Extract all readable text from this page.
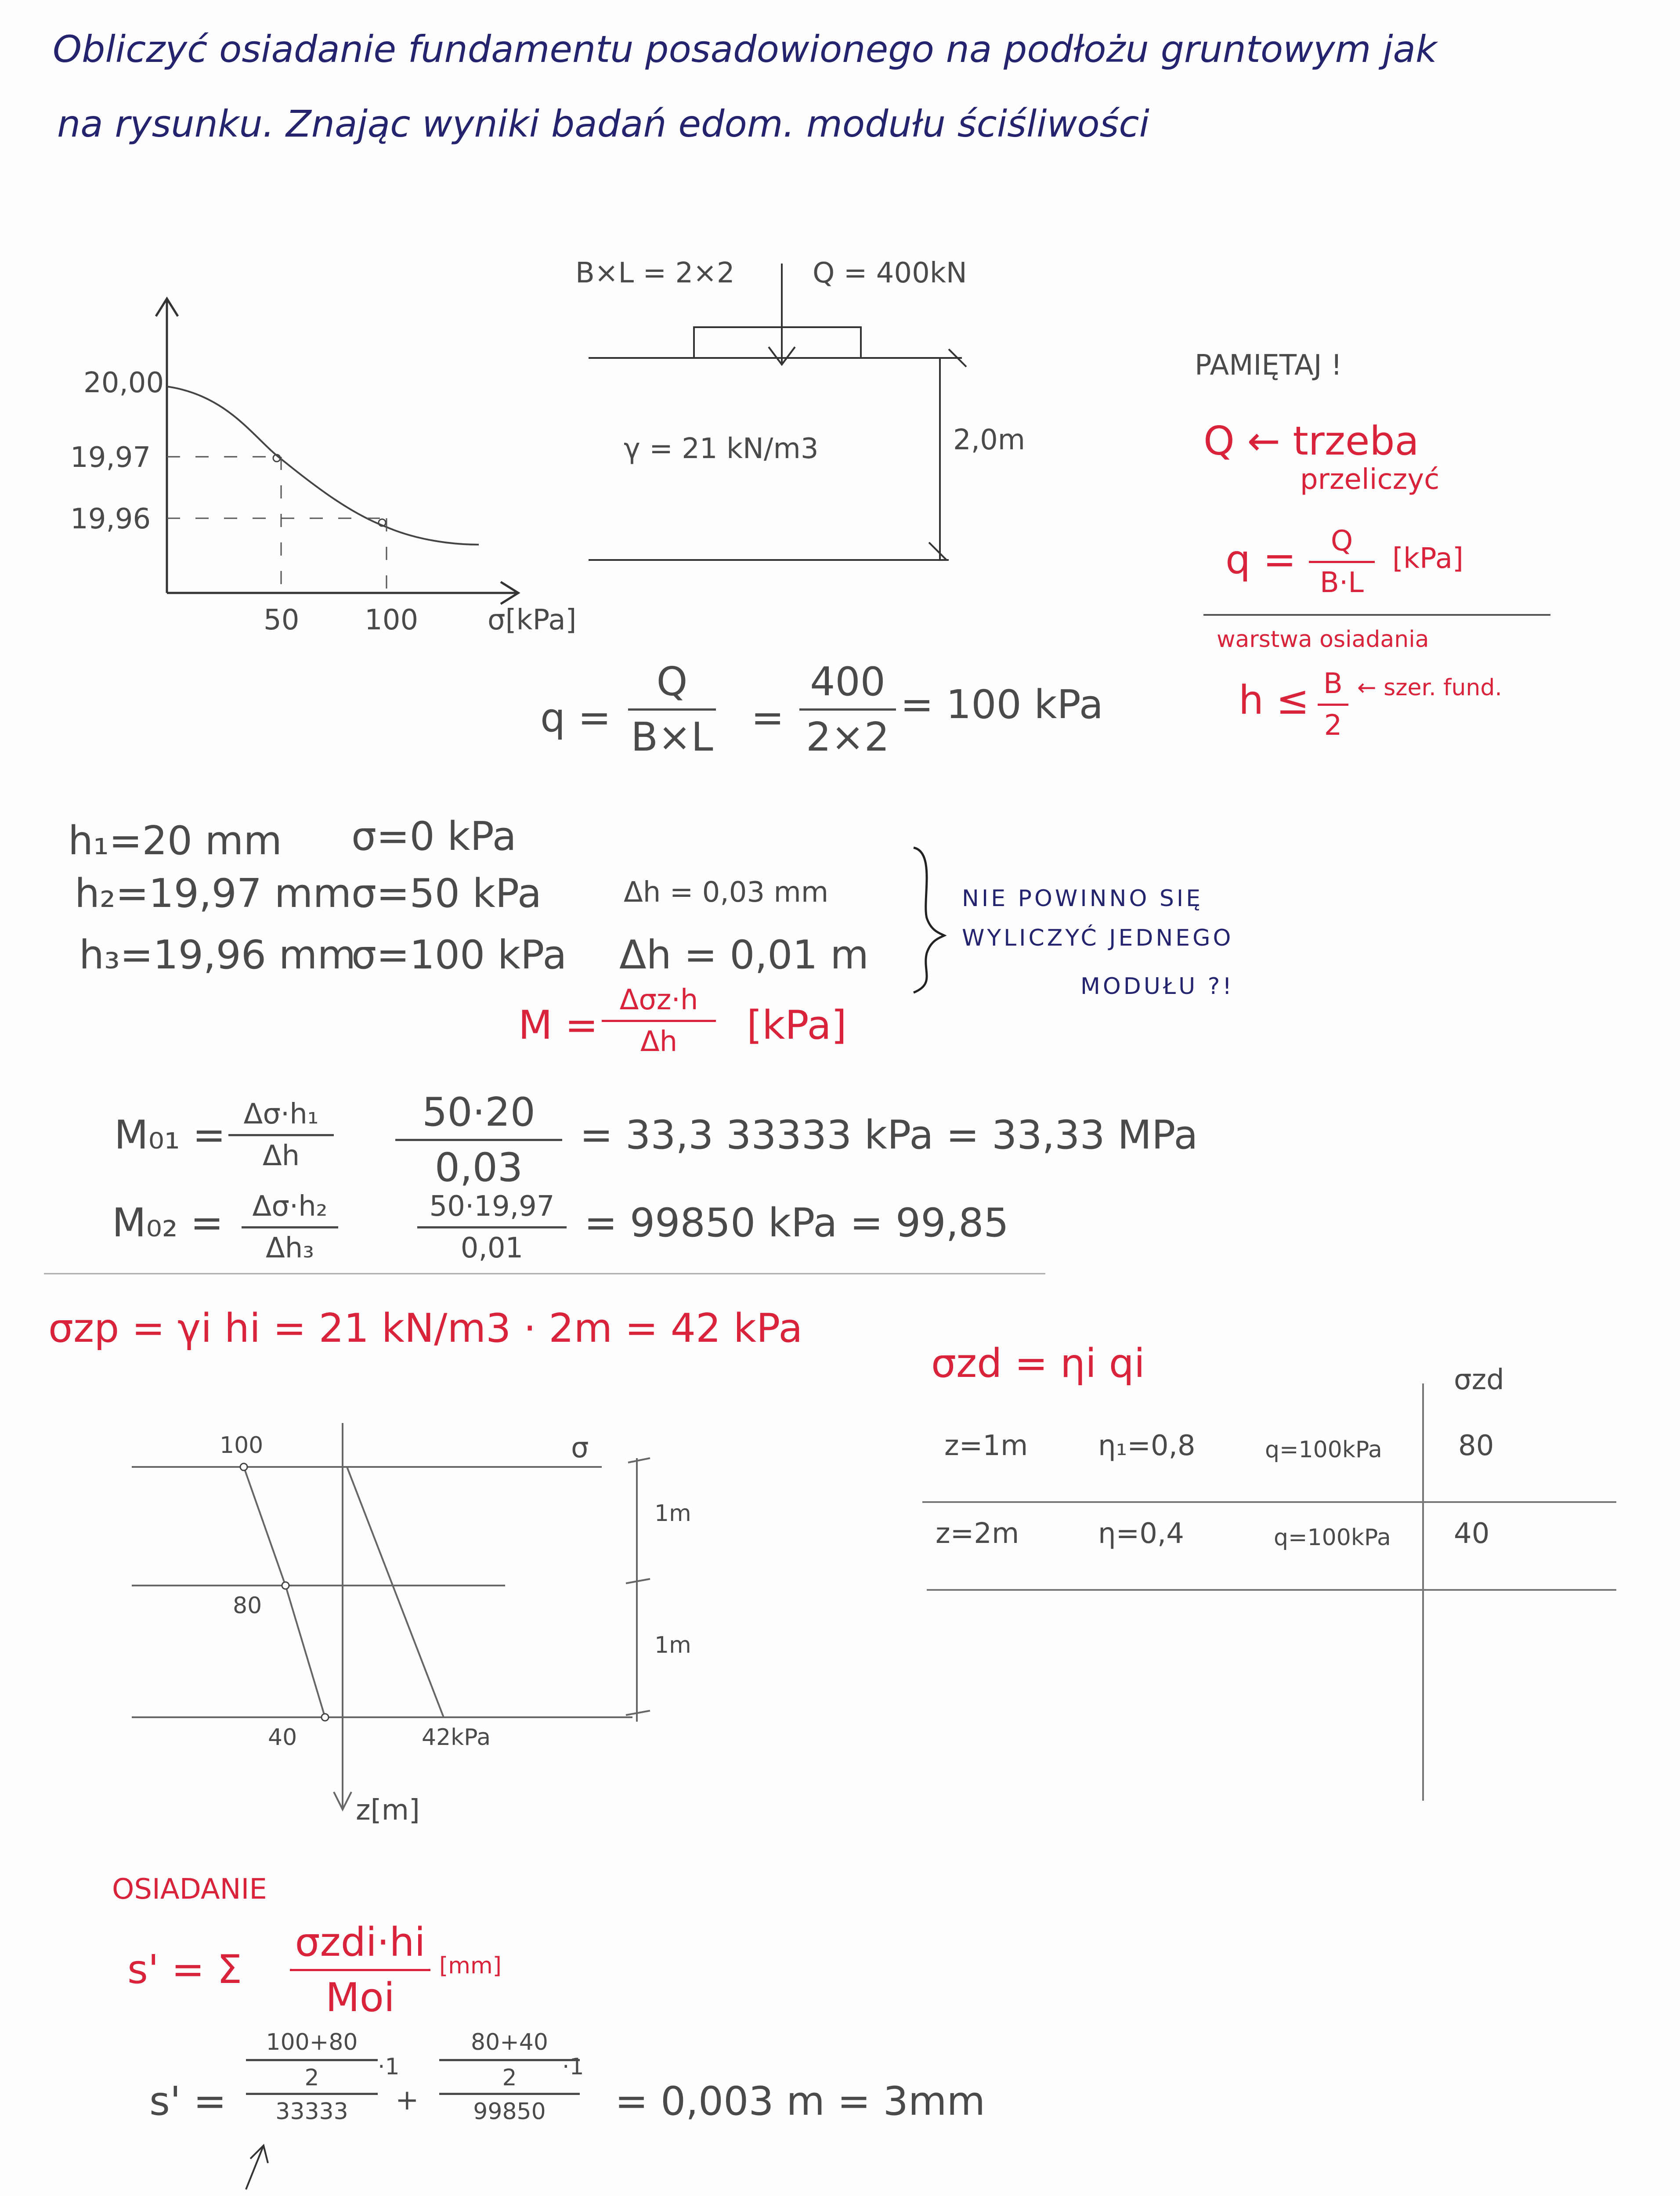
Obliczyć osiadanie fundamentu posadowionego na podłożu gruntowym jak
na rysunku. Znając wyniki badań edom. modułu ściśliwości
20,00
19,97
19,96
50 100 σ[kPa]
B×L = 2×2	Q = 400kN
γ = 21 kN/m3	2,0m
PAMIĘTAJ !
Q ← trzeba
przeliczyć
q =	Q
B·L
[kPa]
warstwa osiadania
h ≤ B
2
← szer. fund.
q =
Q
B×L =
400
2×2
= 100 kPa
h₁=20 mm
h₂=19,97 mm
h₃=19,96 mm
σ=0 kPa
σ=50 kPa
σ=100 kPa
Δh = 0,03 mm
Δh = 0,01 m
NIE POWINNO SIĘ
WYLICZYĆ JEDNEGO
MODUŁU ?!
M =
Δσz·h
Δh	[kPa]
M₀₁ = Δσ·h₁
Δh
50·20
0,03
= 33,3 33333 kPa = 33,33 MPa
M₀₂ =	Δσ·h₂
Δh₃
50·19,97
0,01
= 99850 kPa = 99,85
σzp = γi hi = 21 kN/m3 · 2m = 42 kPa
100
80
40	42kPa
σ
1m
1m
z[m]
σzd = ηi qi	σzd
z=1m η₁=0,8	q=100kPa	80
z=2m	η=0,4	q=100kPa 40
OSIADANIE
s' = Σ
σzdi·hi
Moi
[mm]
s' =
100+80
2
33333
·1
+
80+40
2
99850
·1
= 0,003 m = 3mm
